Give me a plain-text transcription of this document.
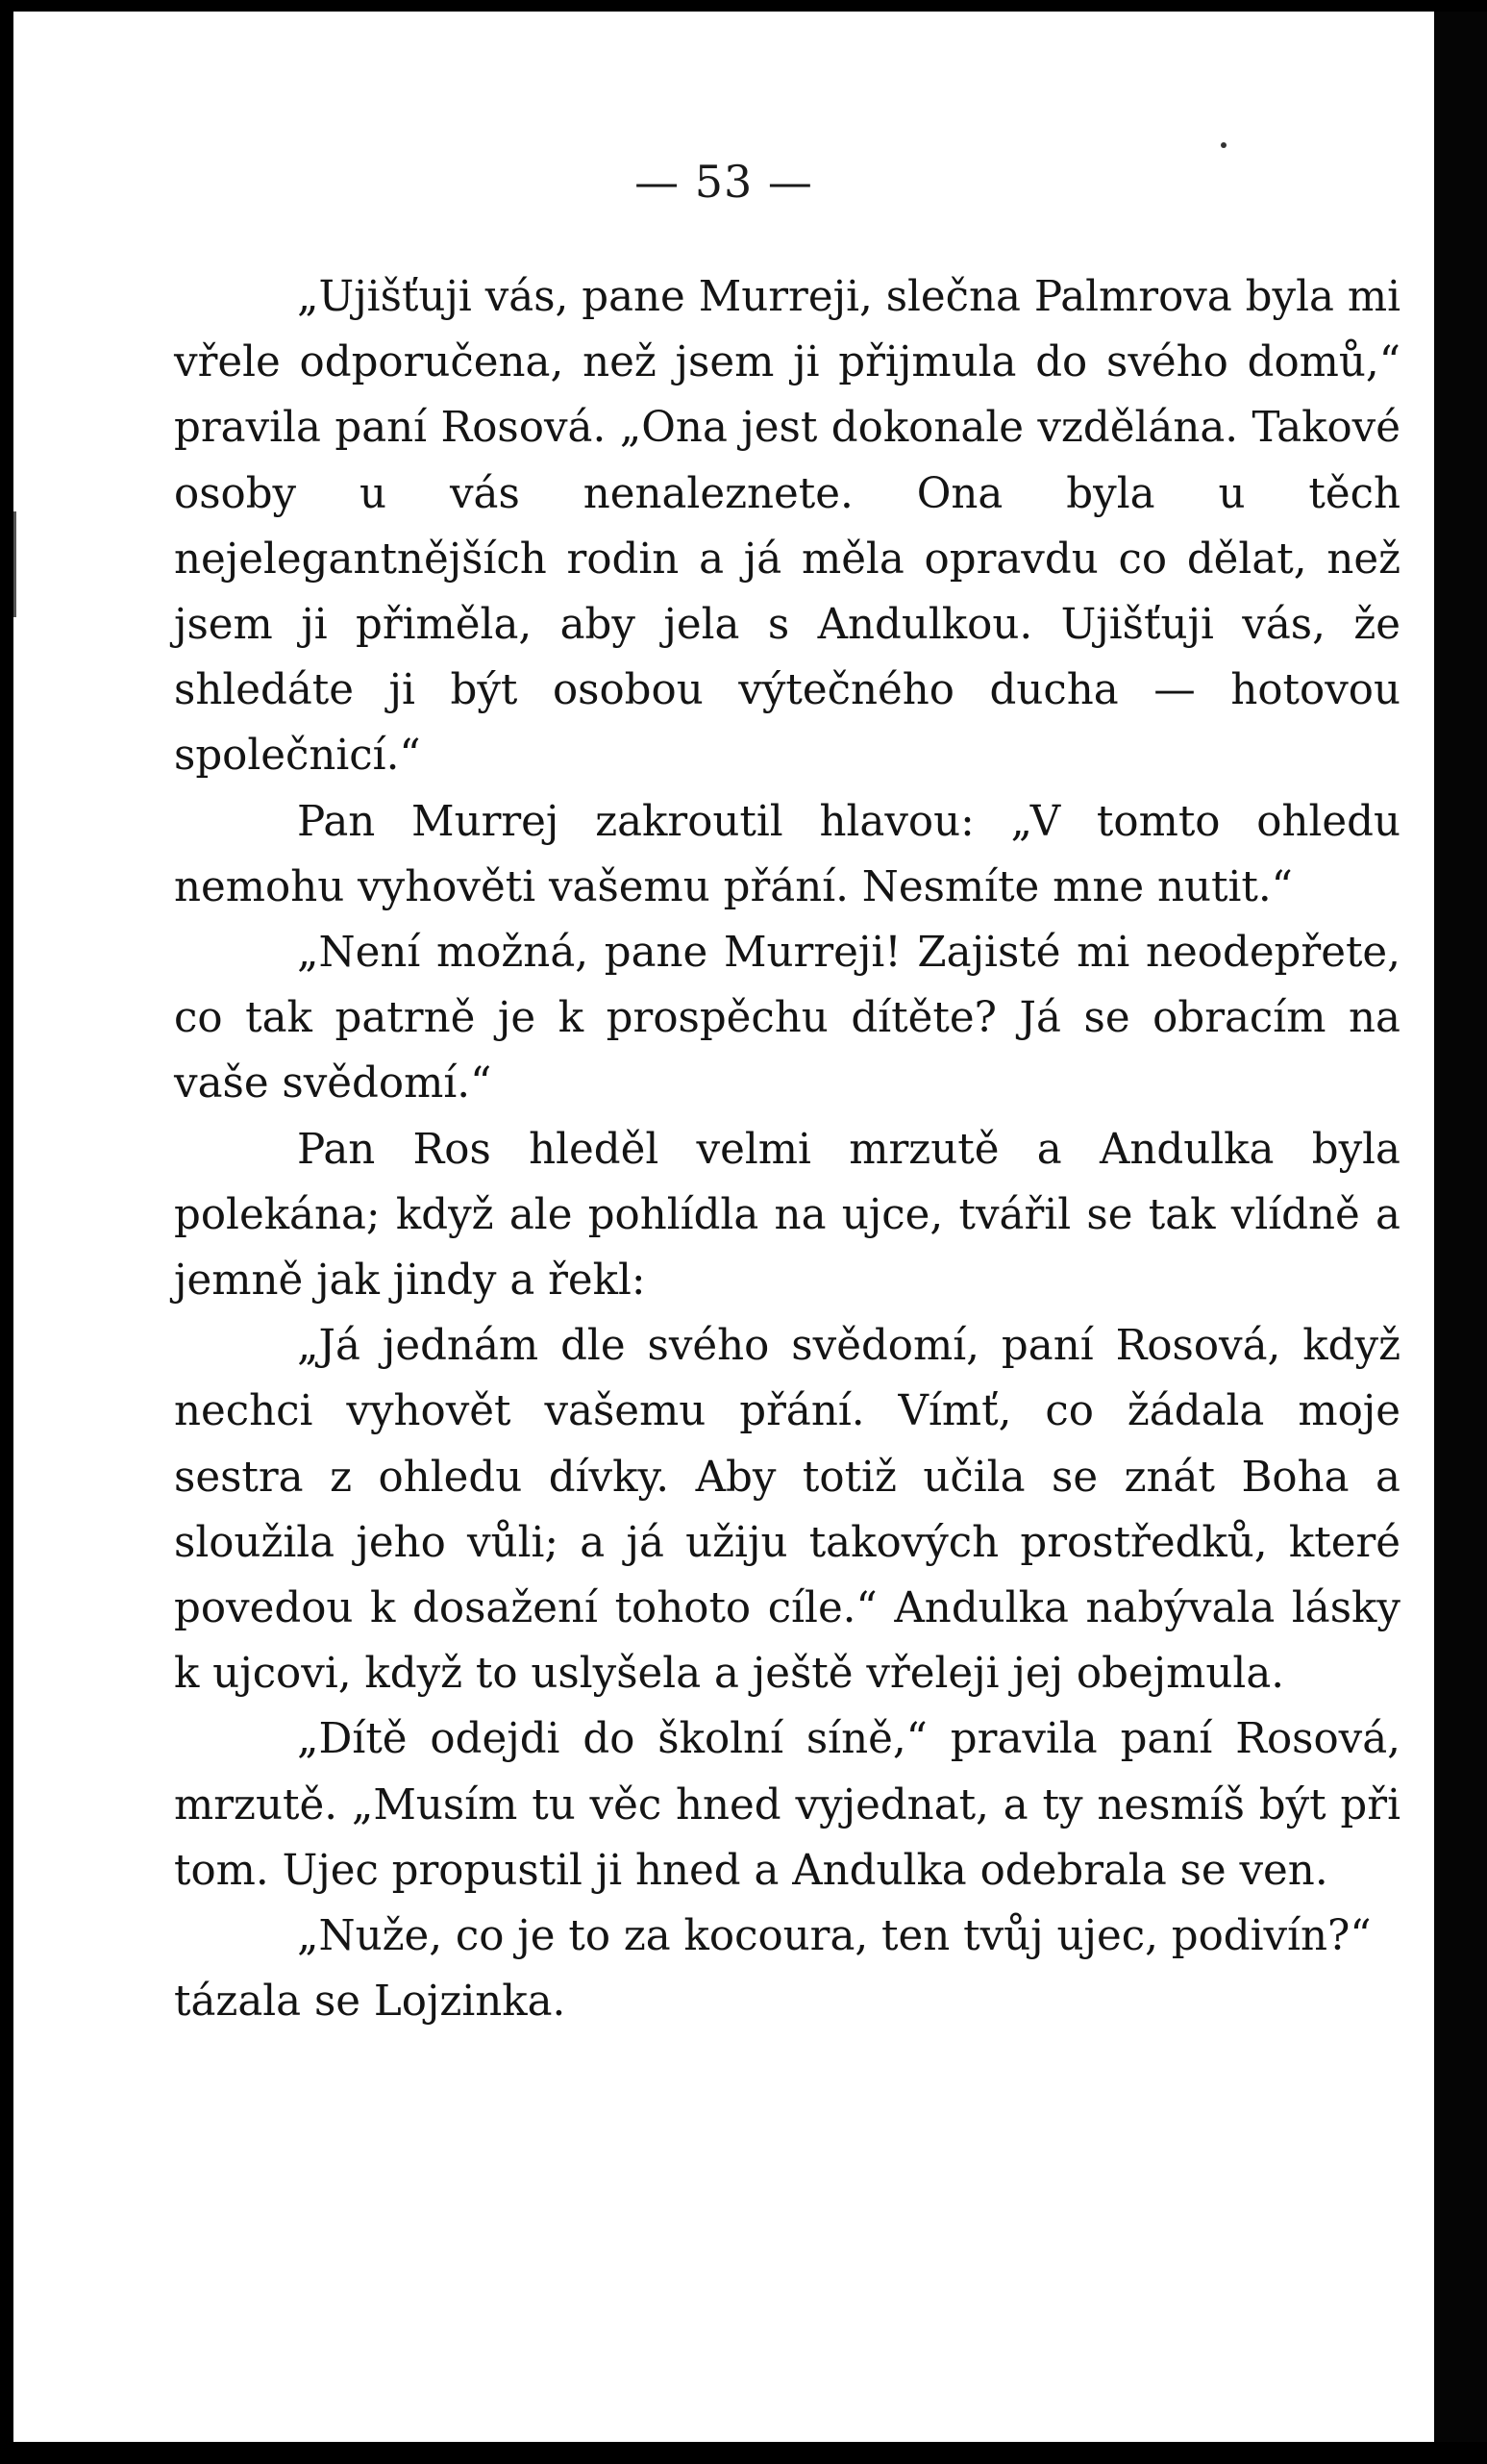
— 53 —

„Ujišťuji vás, pane Murreji, slečna Palmrova byla mi vřele odporučena, než jsem ji přijmula do svého domů,“ pravila paní Rosová. „Ona jest dokonale vzdělána. Takové osoby u vás nenaleznete. Ona byla u těch nejelegantnějších rodin a já měla opravdu co dělat, než jsem ji přiměla, aby jela s Andulkou. Ujišťuji vás, že shledáte ji být osobou výtečného ducha — hotovou společnicí.“

Pan Murrej zakroutil hlavou: „V tomto ohledu nemohu vyhověti vašemu přání. Nesmíte mne nutit.“

„Není možná, pane Murreji! Zajisté mi neodepřete, co tak patrně je k prospěchu dítěte? Já se obracím na vaše svědomí.“

Pan Ros hleděl velmi mrzutě a Andulka byla polekána; když ale pohlídla na ujce, tvářil se tak vlídně a jemně jak jindy a řekl:

„Já jednám dle svého svědomí, paní Rosová, když nechci vyhovět vašemu přání. Vímť, co žádala moje sestra z ohledu dívky. Aby totiž učila se znát Boha a sloužila jeho vůli; a já užiju takových prostředků, které povedou k dosažení tohoto cíle.“ Andulka nabývala lásky k ujcovi, když to uslyšela a ještě vřeleji jej obejmula.

„Dítě odejdi do školní síně,“ pravila paní Rosová, mrzutě. „Musím tu věc hned vyjednat, a ty nesmíš být při tom. Ujec propustil ji hned a Andulka odebrala se ven.

„Nuže, co je to za kocoura, ten tvůj ujec, podivín?“ tázala se Lojzinka.
